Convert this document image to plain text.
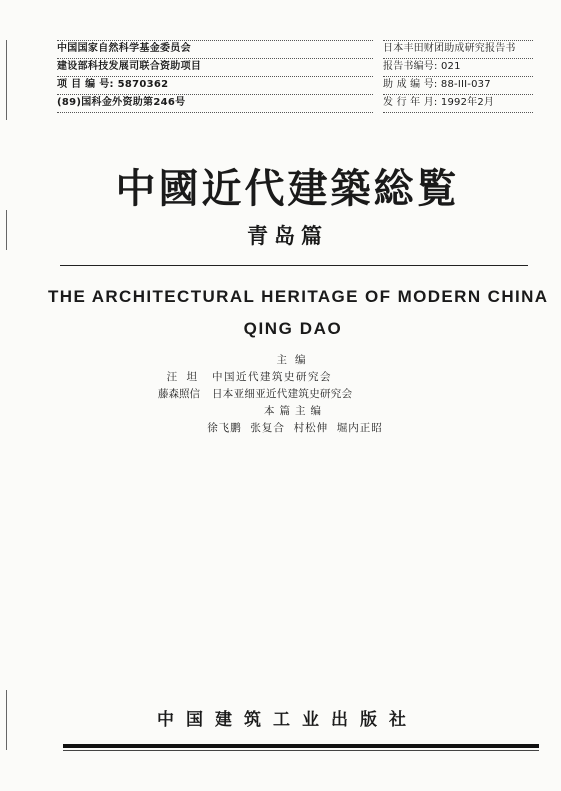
中国国家自然科学基金委员会
建设部科技发展司联合资助项目
项 目 编 号: 5870362
(89)国科金外资助第246号
日本丰田财团助成研究报告书
报告书编号: 021
助 成 编 号: 88-III-037
发 行 年 月: 1992年2月
中國近代建築総覧
青岛篇
THE ARCHITECTURAL HERITAGE OF MODERN CHINA
QING DAO
主编
汪 坦 中国近代建筑史研究会
藤森照信 日本亚细亚近代建筑史研究会
本篇主编
徐飞鹏  张复合  村松伸  堀内正昭
中国建筑工业出版社
